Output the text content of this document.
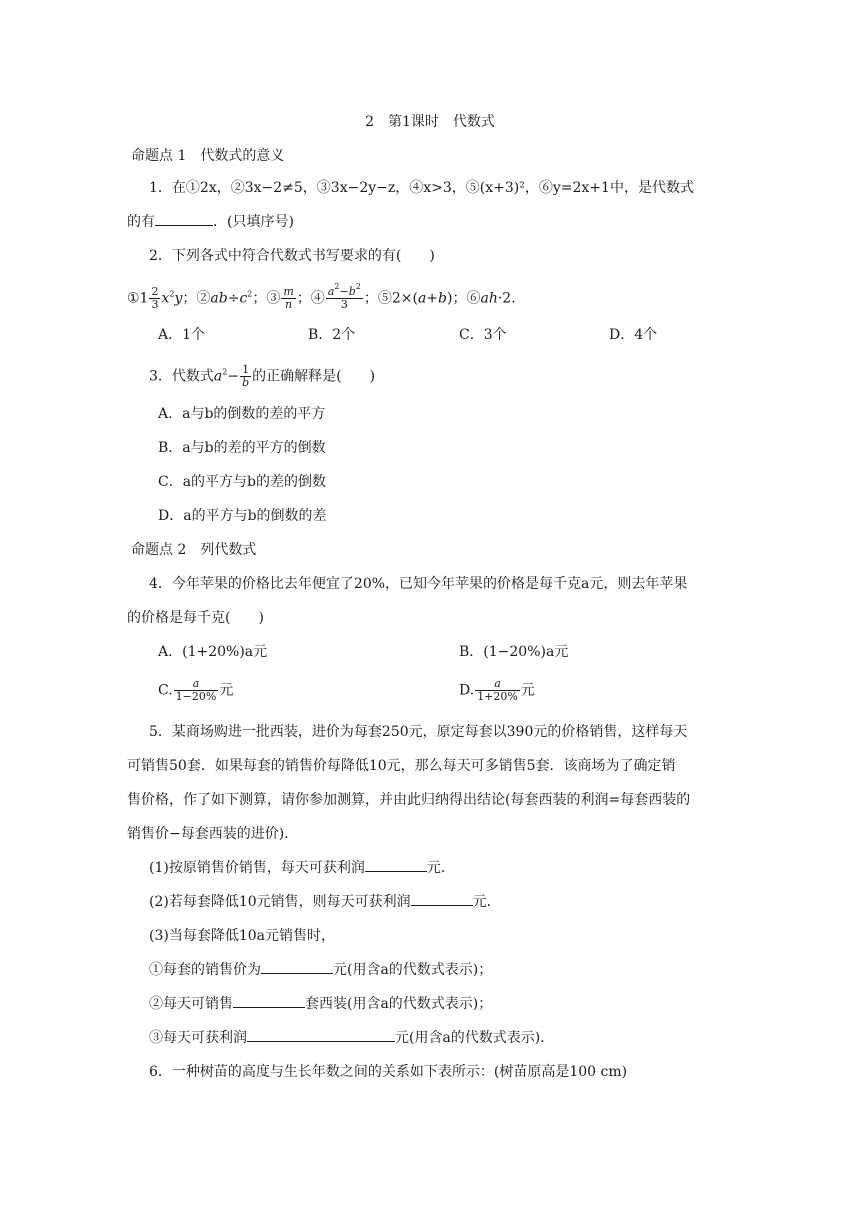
2　第1课时　代数式
命题点 1　代数式的意义
1．在①2x，②3x−2≠5，③3x−2y−z，④x>3，⑤(x+3)²，⑥y=2x+1中，是代数式
的有	．(只填序号)
2．下列各式中符合代数式书写要求的有(　　)
①1 $\frac{2}{3} x^2y$；$②ab\div c^2$；③ $\frac{m}{n}$ ；④ $\frac{a^2-b^2}{3}$ ；⑤2×(a+b)；⑥ah·2.
A．1个	B．2个	C．3个	D．4个
3．代数式$a^2- \frac{1}{b}$ 的正确解释是(　　)
A．a与b的倒数的差的平方
B．a与b的差的平方的倒数
C．a的平方与b的差的倒数
D．a的平方与b的倒数的差
命题点 2　列代数式
4．今年苹果的价格比去年便宜了20%，已知今年苹果的价格是每千克a元，则去年苹果
的价格是每千克(　　)
A．(1+20%)a元	B．(1−20%)a元
C. $\frac{a}{1-20\%}$ 元	D. $\frac{a}{1+20\%}$ 元
5．某商场购进一批西装，进价为每套250元，原定每套以390元的价格销售，这样每天
可销售50套．如果每套的销售价每降低10元，那么每天可多销售5套．该商场为了确定销
售价格，作了如下测算，请你参加测算，并由此归纳得出结论(每套西装的利润=每套西装的
销售价−每套西装的进价)．
(1)按原销售价销售，每天可获利润	元．
(2)若每套降低10元销售，则每天可获利润	元．
(3)当每套降低10a元销售时，
①每套的销售价为	元(用含a的代数式表示)；
②每天可销售	套西装(用含a的代数式表示)；
③每天可获利润	元(用含a的代数式表示)．
6．一种树苗的高度与生长年数之间的关系如下表所示：(树苗原高是100 cm)
